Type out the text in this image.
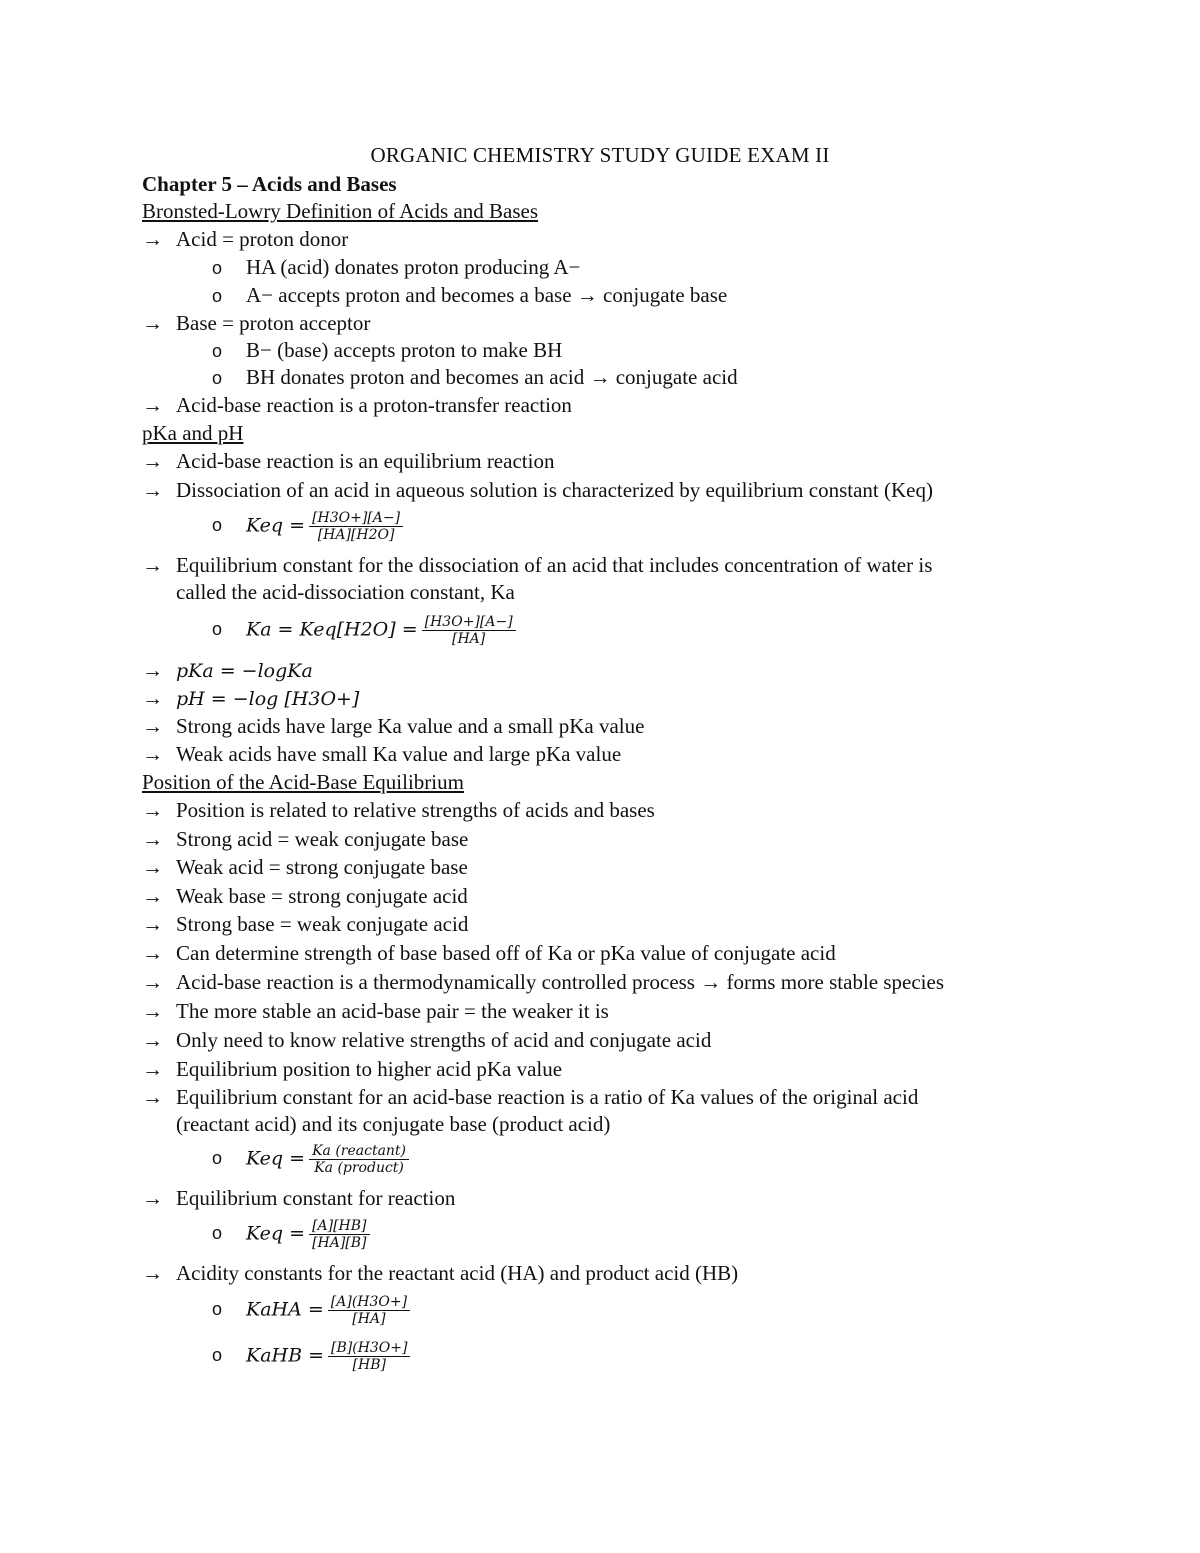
ORGANIC CHEMISTRY STUDY GUIDE EXAM II
Chapter 5 – Acids and Bases
Bronsted-Lowry Definition of Acids and Bases
→ Acid = proton donor
o HA (acid) donates proton producing A−
o A− accepts proton and becomes a base → conjugate base
→ Base = proton acceptor
o B− (base) accepts proton to make BH
o BH donates proton and becomes an acid → conjugate acid
→ Acid-base reaction is a proton-transfer reaction
pKa and pH
→ Acid-base reaction is an equilibrium reaction
→ Dissociation of an acid in aqueous solution is characterized by equilibrium constant (Keq)
o Keq = $\frac{[H3O+][A-]}{[HA][H2O]}$
→ Equilibrium constant for the dissociation of an acid that includes concentration of water is
called the acid-dissociation constant, Ka
o $Ka = Keq[H2O] = \frac{[H3O+][A-]}{[HA]}$
→ pKa = −logKa
→ pH = −log [H3O+]
→ Strong acids have large Ka value and a small pKa value
→ Weak acids have small Ka value and large pKa value
Position of the Acid-Base Equilibrium
→ Position is related to relative strengths of acids and bases
→ Strong acid = weak conjugate base
→ Weak acid = strong conjugate base
→ Weak base = strong conjugate acid
→ Strong base = weak conjugate acid
→ Can determine strength of base based off of Ka or pKa value of conjugate acid
→ Acid-base reaction is a thermodynamically controlled process → forms more stable species
→ The more stable an acid-base pair = the weaker it is
→ Only need to know relative strengths of acid and conjugate acid
→ Equilibrium position to higher acid pKa value
→ Equilibrium constant for an acid-base reaction is a ratio of Ka values of the original acid
(reactant acid) and its conjugate base (product acid)
o Keq = $\frac{\text{Ka (reactant)}}{\text{Ka (product)}}$
→ Equilibrium constant for reaction
o Keq = $\frac{[A][HB]}{[HA][B]}$
→ Acidity constants for the reactant acid (HA) and product acid (HB)
o KaHA = $\frac{[A](H3O+]}{[HA]}$
o KaHB = $\frac{[B](H3O+]}{[HB]}$
